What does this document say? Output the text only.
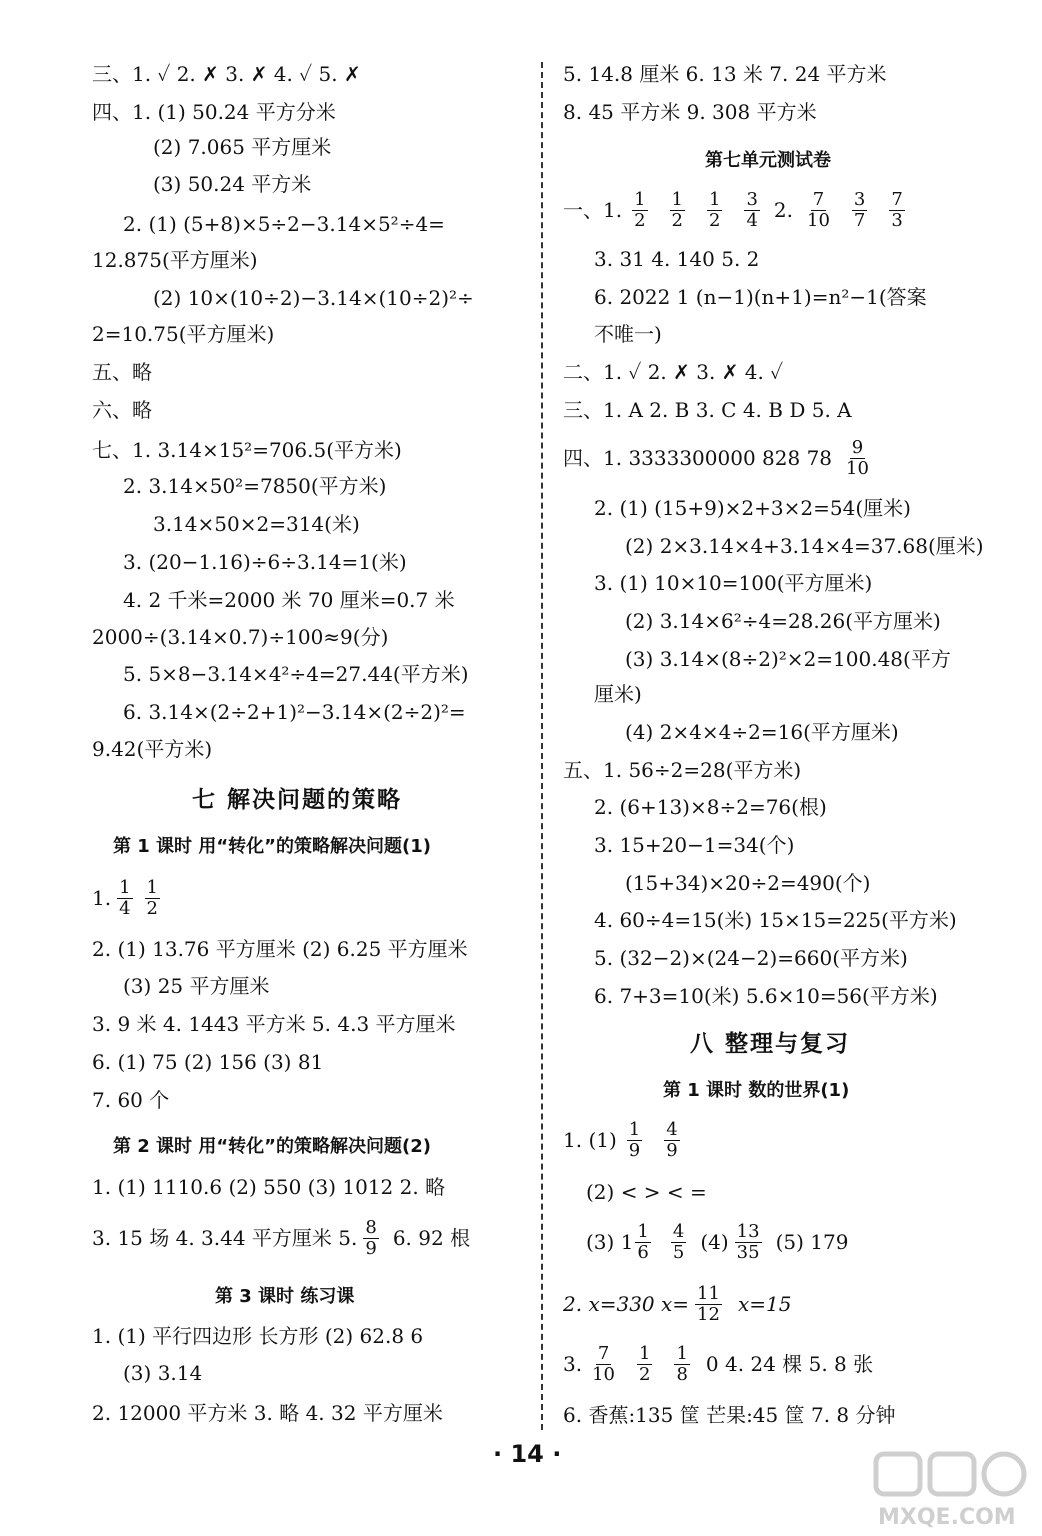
三、1. ✓ 2. ✗ 3. ✗ 4. ✓ 5. ✗
四、1. (1) 50.24 平方分米
(2) 7.065 平方厘米
(3) 50.24 平方米
2. (1) (5+8)×5÷2−3.14×5²÷4=
12.875(平方厘米)
(2) 10×(10÷2)−3.14×(10÷2)²÷
2=10.75(平方厘米)
五、略
六、略
七、1. 3.14×15²=706.5(平方米)
2. 3.14×50²=7850(平方米)
3.14×50×2=314(米)
3. (20−1.16)÷6÷3.14=1(米)
4. 2 千米=2000 米 70 厘米=0.7 米
2000÷(3.14×0.7)÷100≈9(分)
5. 5×8−3.14×4²÷4=27.44(平方米)
6. 3.14×(2÷2+1)²−3.14×(2÷2)²=
9.42(平方米)
七 解决问题的策略
第 1 课时 用“转化”的策略解决问题(1)
1. $\frac{1}{4} \frac{1}{2}$
2. (1) 13.76 平方厘米 (2) 6.25 平方厘米
(3) 25 平方厘米
3. 9 米 4. 1443 平方米 5. 4.3 平方厘米
6. (1) 75 (2) 156 (3) 81
7. 60 个
第 2 课时 用“转化”的策略解决问题(2)
1. (1) 1110.6 (2) 550 (3) 1012 2. 略
3. 15 场 4. 3.44 平方厘米 5. $\frac{8}{9} 6$. 92 根
第 3 课时 练习课
1. (1) 平行四边形 长方形 (2) 62.8 6
(3) 3.14
2. 12000 平方米 3. 略 4. 32 平方厘米
5. 14.8 厘米 6. 13 米 7. 24 平方米
8. 45 平方米 9. 308 平方米
第七单元测试卷
一、1. $\frac{1}{2} \frac{1}{2} \frac{1}{2} \frac{3}{4} 2$. $\frac{7}{10} \frac{3}{7} \frac{7}{3}$
3. 31 4. 140 5. 2
6. 2022 1 (n−1)(n+1)=n²−1(答案
不唯一)
二、1. ✓ 2. ✗ 3. ✗ 4. ✓
三、1. A 2. B 3. C 4. B D 5. A
四、1. 3333300000 828 $78 \frac{9}{10}$
2. (1) (15+9)×2+3×2=54(厘米)
(2) 2×3.14×4+3.14×4=37.68(厘米)
3. (1) 10×10=100(平方厘米)
(2) 3.14×6²÷4=28.26(平方厘米)
(3) 3.14×(8÷2)²×2=100.48(平方
厘米)
(4) 2×4×4÷2=16(平方厘米)
五、1. 56÷2=28(平方米)
2. (6+13)×8÷2=76(根)
3. 15+20−1=34(个)
(15+34)×20÷2=490(个)
4. 60÷4=15(米) 15×15=225(平方米)
5. (32−2)×(24−2)=660(平方米)
6. 7+3=10(米) 5.6×10=56(平方米)
八 整理与复习
第 1 课时 数的世界(1)
1. $(1) \frac{1}{9} \frac{4}{9}$
(2) < > < =
(3) $1 \frac{1}{6} \frac{4}{5} (4) \frac{13}{35} (5)$ 179
2. x=330 $x= \frac{11}{12} x=15$
3. $\frac{7}{10} \frac{1}{2} \frac{1}{8} 0$ 4. 24 棵 5. 8 张
6. 香蕉:135 筐 芒果:45 筐 7. 8 分钟
· 14 ·
MXQE.COM
